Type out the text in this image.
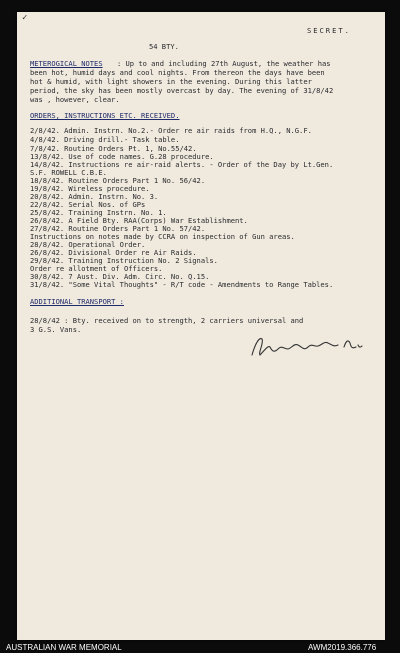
✓
SECRET.
54 BTY.
METEROGICAL NOTES : Up to and including 27th August, the weather has
been hot, humid days and cool nights. From thereon the days have been
hot & humid, with light showers in the evening. During this latter
period, the sky has been mostly overcast by day. The evening of 31/8/42
was , however, clear.
ORDERS, INSTRUCTIONS ETC. RECEIVED.
2/8/42. Admin. Instrn. No.2.- Order re air raids from H.Q., N.G.F.
4/8/42. Driving drill.- Task table.
7/8/42. Routine Orders Pt. 1, No.55/42.
13/8/42. Use of code names. G.28 procedure.
14/8/42. Instructions re air-raid alerts. - Order of the Day by Lt.Gen.
S.F. ROWELL C.B.E.
18/8/42. Routine Orders Part 1 No. 56/42.
19/8/42. Wireless procedure.
20/8/42. Admin. Instrn. No. 3.
22/8/42. Serial Nos. of GPs
25/8/42. Training Instrn. No. 1.
26/8/42. A Field Bty. RAA(Corps) War Establishment.
27/8/42. Routine Orders Part 1 No. 57/42.
Instructions on notes made by CCRA on inspection of Gun areas.
28/8/42. Operational Order.
26/8/42. Divisional Order re Air Raids.
29/8/42. Training Instruction No. 2 Signals.
Order re allotment of Officers.
30/8/42. 7 Aust. Div. Adm. Circ. No. Q.15.
31/8/42. "Some Vital Thoughts" - R/T code - Amendments to Range Tables.
ADDITIONAL TRANSPORT :
28/8/42 : Bty. received on to strength, 2 carriers universal and
3 G.S. Vans.
AUSTRALIAN WAR MEMORIAL	AWM2019.366.776
